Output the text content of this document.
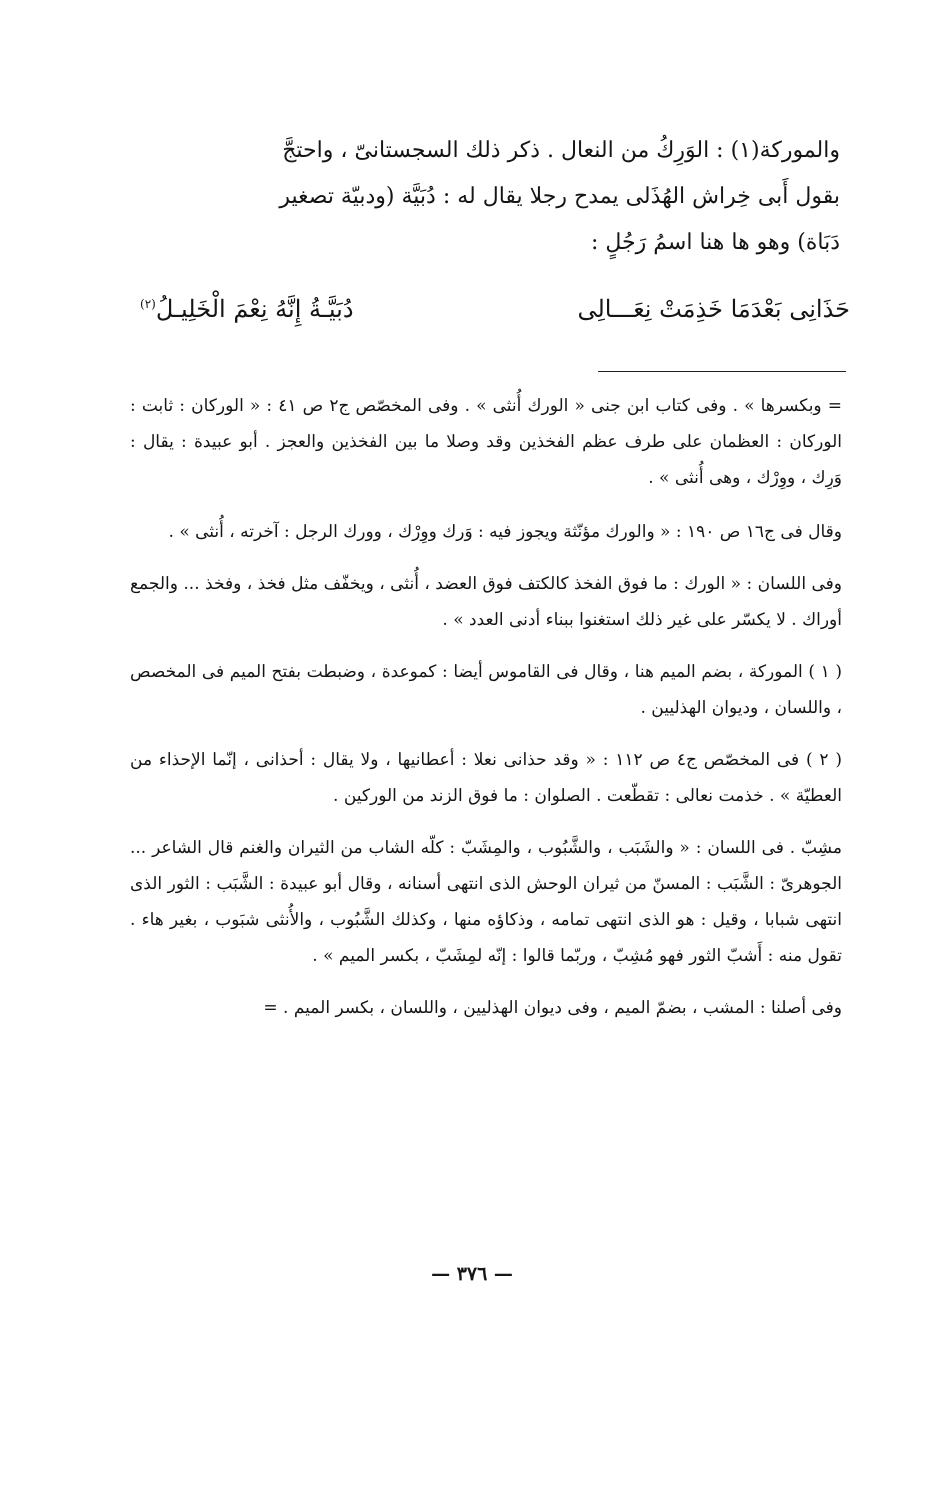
والموركة(١) : الوَرِكُ من النعال . ذكر ذلك السجستانىّ ، واحتجَّ

بقول أَبى خِراش الهُذَلى يمدح رجلا يقال له : دُبَيَّة (ودبيّة تصغير

دَبَاة) وهو ها هنا اسمُ رَجُلٍ :

حَذَانِى بَعْدَمَا خَذِمَتْ نِعَـــالِى
دُبَيَّـةُ إِنَّهُ نِعْمَ الْخَلِيـلُ$^{(٢)}$

= وبكسرها » . وفى كتاب ابن جنى « الورك أُنثى » . وفى المخصّص ج٢ ص ٤١ : « الوركان : ثابت : الوركان : العظمان على طرف عظم الفخذين وقد وصلا ما بين الفخذين والعجز . أبو عبيدة : يقال : وَرِك ، ووِرْك ، وهى أُنثى » .

وقال فى ج١٦ ص ١٩٠ : « والورك مؤنّثة ويجوز فيه : وَرك ووِرْك ، وورك الرجل : آخرته ، أُنثى » .

وفى اللسان : « الورك : ما فوق الفخذ كالكتف فوق العضد ، أُنثى ، ويخفّف مثل فخذ ، وفخذ ... والجمع أوراك . لا يكسّر على غير ذلك استغنوا ببناء أدنى العدد » .

( ١ ) الموركة ، بضم الميم هنا ، وقال فى القاموس أيضا : كموعدة ، وضبطت بفتح الميم فى المخصص ، واللسان ، وديوان الهذليين .

( ٢ ) فى المخصّص ج٤ ص ١١٢ : « وقد حذانى نعلا : أعطانيها ، ولا يقال : أحذانى ، إنّما الإحذاء من العطيّة » . خذمت نعالى : تقطّعت . الصلوان : ما فوق الزند من الوركين .

مشِبّ . فى اللسان : « والشَبَب ، والشَّبُوب ، والمِشَبّ : كلّه الشاب من الثيران والغنم قال الشاعر ... الجوهرىّ : الشَّبَب : المسنّ من ثيران الوحش الذى انتهى أسنانه ، وقال أبو عبيدة : الشَّبَب : الثور الذى انتهى شبابا ، وقيل : هو الذى انتهى تمامه ، وذكاؤه منها ، وكذلك الشَّبُوب ، والأُنثى شبَوب ، بغير هاء . تقول منه : أَشبّ الثور فهو مُشِبّ ، وربّما قالوا : إنّه لمِشَبّ ، بكسر الميم » .

وفى أصلنا : المشب ، بضمّ الميم ، وفى ديوان الهذليين ، واللسان ، بكسر الميم . =

— ٣٧٦ —
